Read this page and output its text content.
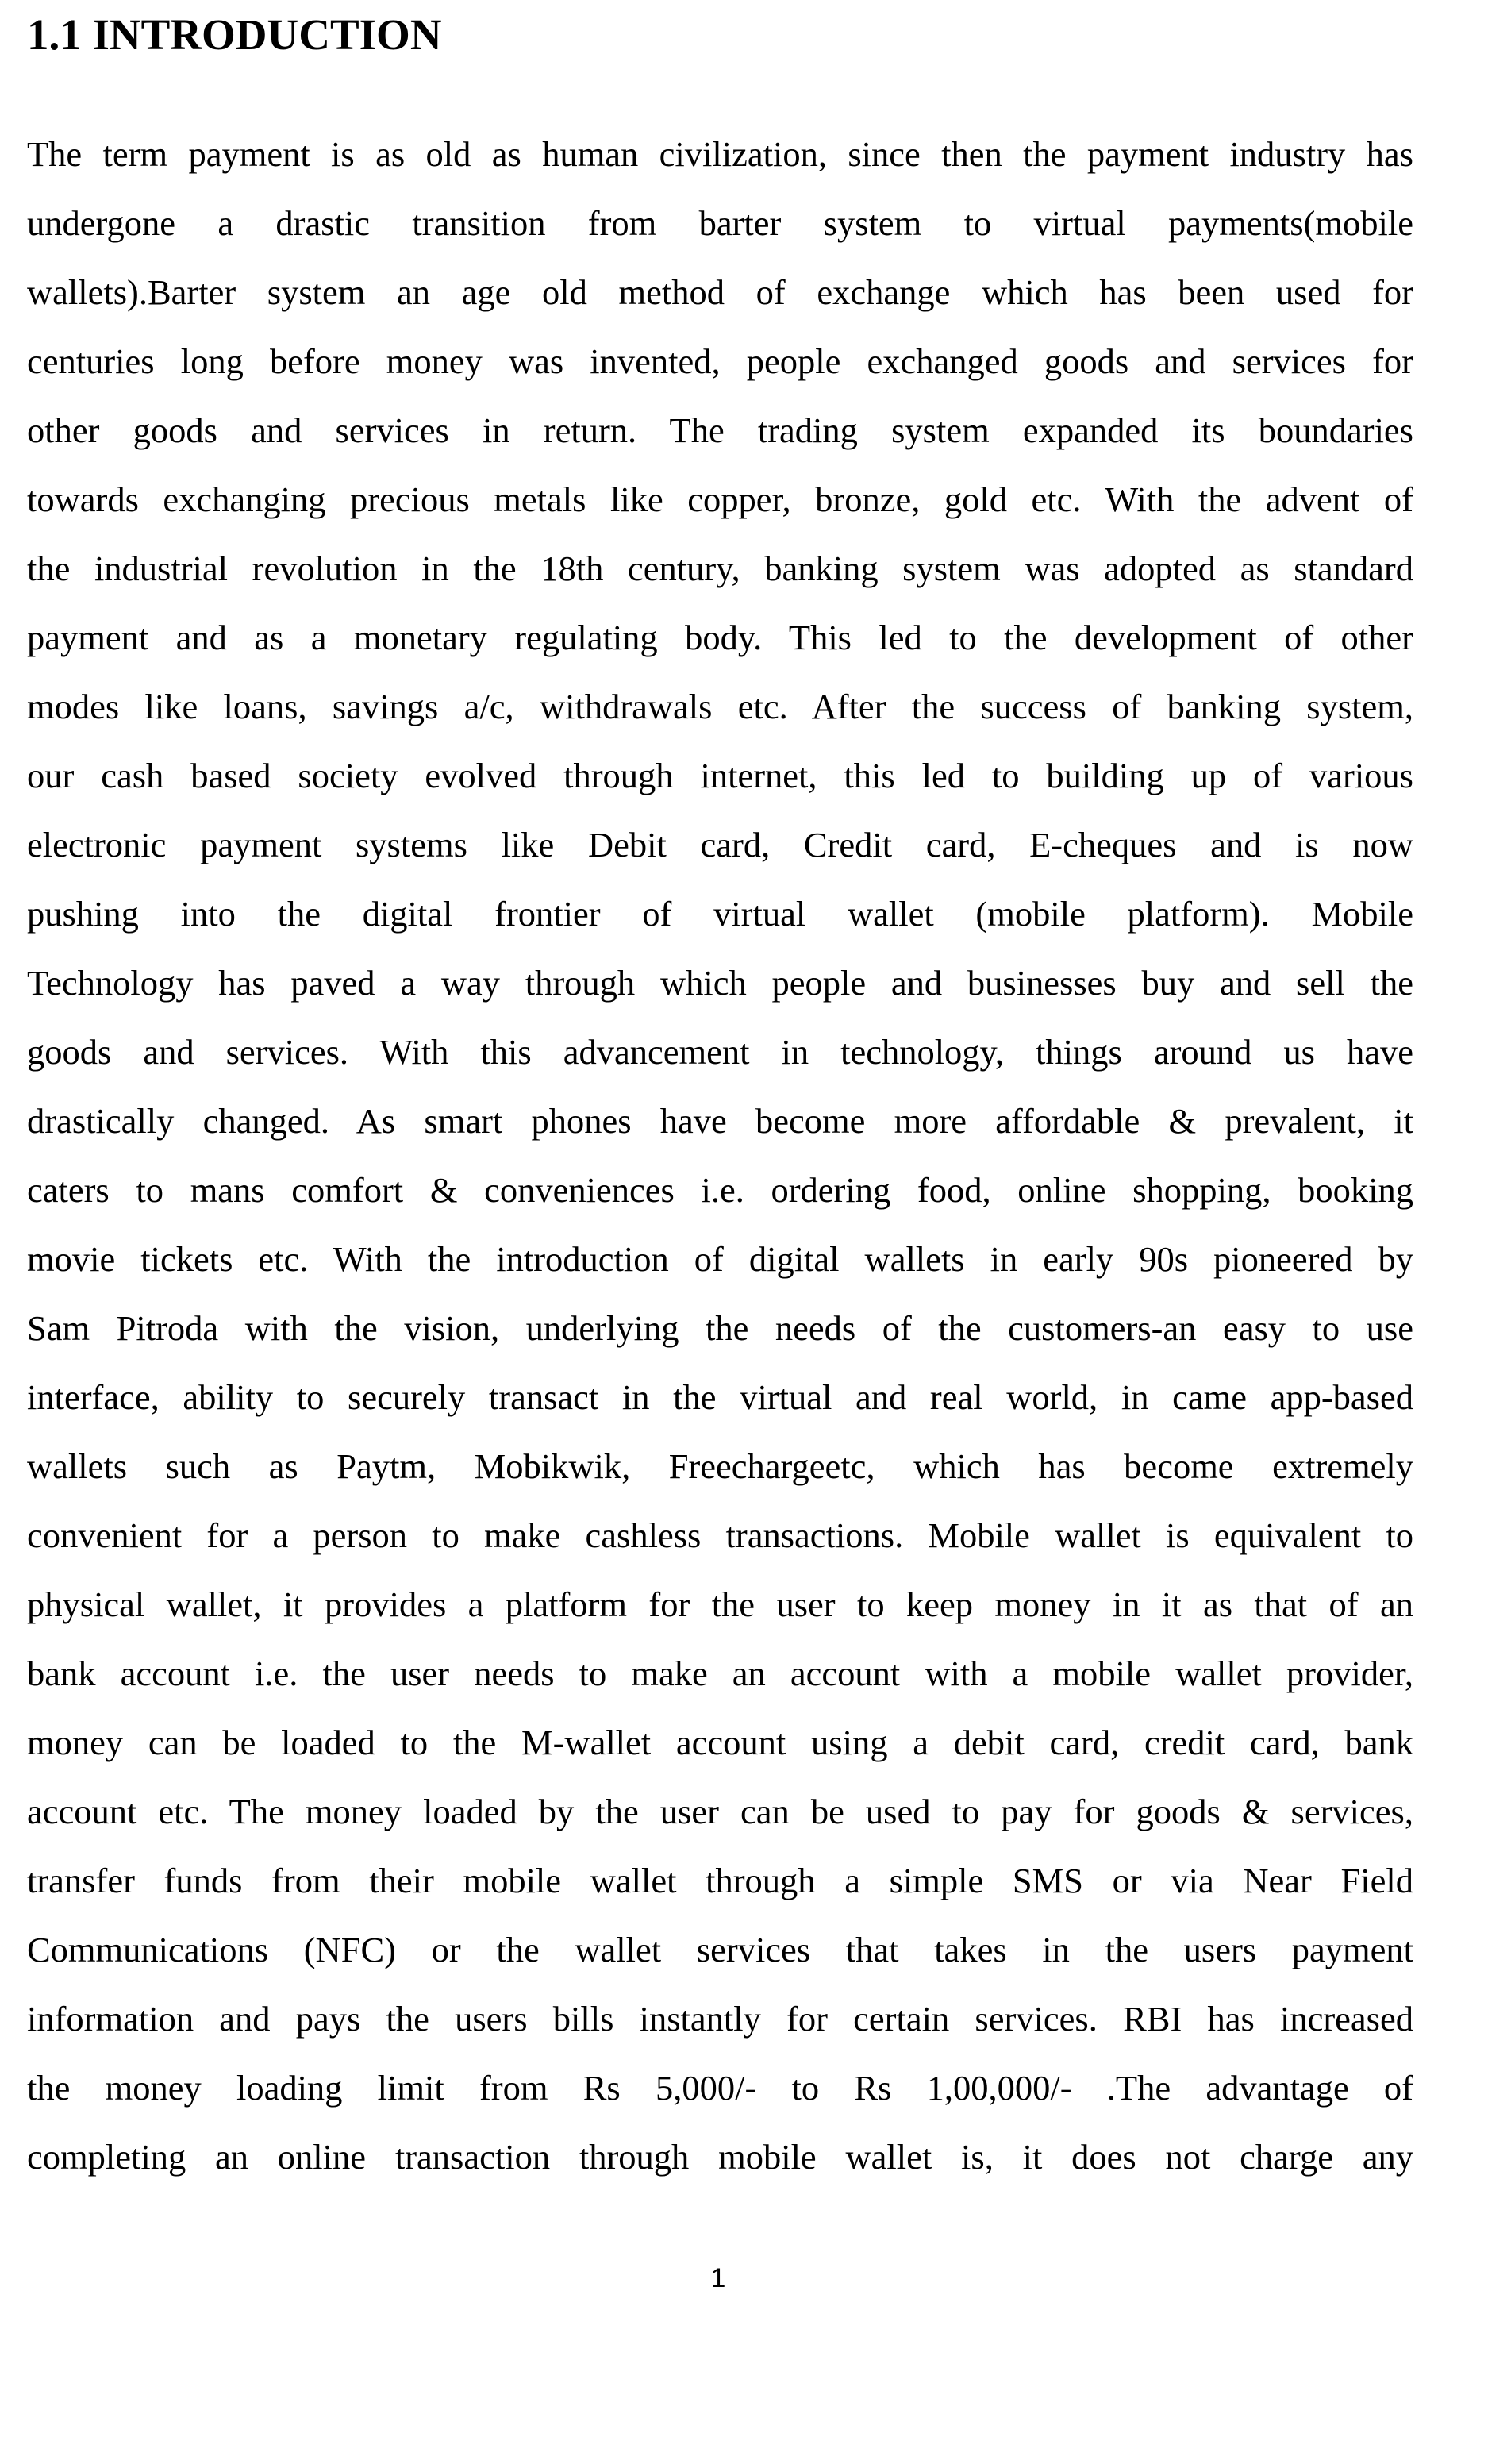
1.1 INTRODUCTION
The term payment is as old as human civilization, since then the payment industry has
undergone a drastic transition from barter system to virtual payments(mobile
wallets).Barter system an age old method of exchange which has been used for
centuries long before money was invented, people exchanged goods and services for
other goods and services in return. The trading system expanded its boundaries
towards exchanging precious metals like copper, bronze, gold etc. With the advent of
the industrial revolution in the 18th century, banking system was adopted as standard
payment and as a monetary regulating body. This led to the development of other
modes like loans, savings a/c, withdrawals etc. After the success of banking system,
our cash based society evolved through internet, this led to building up of various
electronic payment systems like Debit card, Credit card, E-cheques and is now
pushing into the digital frontier of virtual wallet (mobile platform). Mobile
Technology has paved a way through which people and businesses buy and sell the
goods and services. With this advancement in technology, things around us have
drastically changed. As smart phones have become more affordable & prevalent, it
caters to mans comfort & conveniences i.e. ordering food, online shopping, booking
movie tickets etc. With the introduction of digital wallets in early 90s pioneered by
Sam Pitroda with the vision, underlying the needs of the customers-an easy to use
interface, ability to securely transact in the virtual and real world, in came app-based
wallets such as Paytm, Mobikwik, Freechargeetc, which has become extremely
convenient for a person to make cashless transactions. Mobile wallet is equivalent to
physical wallet, it provides a platform for the user to keep money in it as that of an
bank account i.e. the user needs to make an account with a mobile wallet provider,
money can be loaded to the M-wallet account using a debit card, credit card, bank
account etc. The money loaded by the user can be used to pay for goods & services,
transfer funds from their mobile wallet through a simple SMS or via Near Field
Communications (NFC) or the wallet services that takes in the users payment
information and pays the users bills instantly for certain services. RBI has increased
the money loading limit from Rs 5,000/- to Rs 1,00,000/- .The advantage of
completing an online transaction through mobile wallet is, it does not charge any

1
